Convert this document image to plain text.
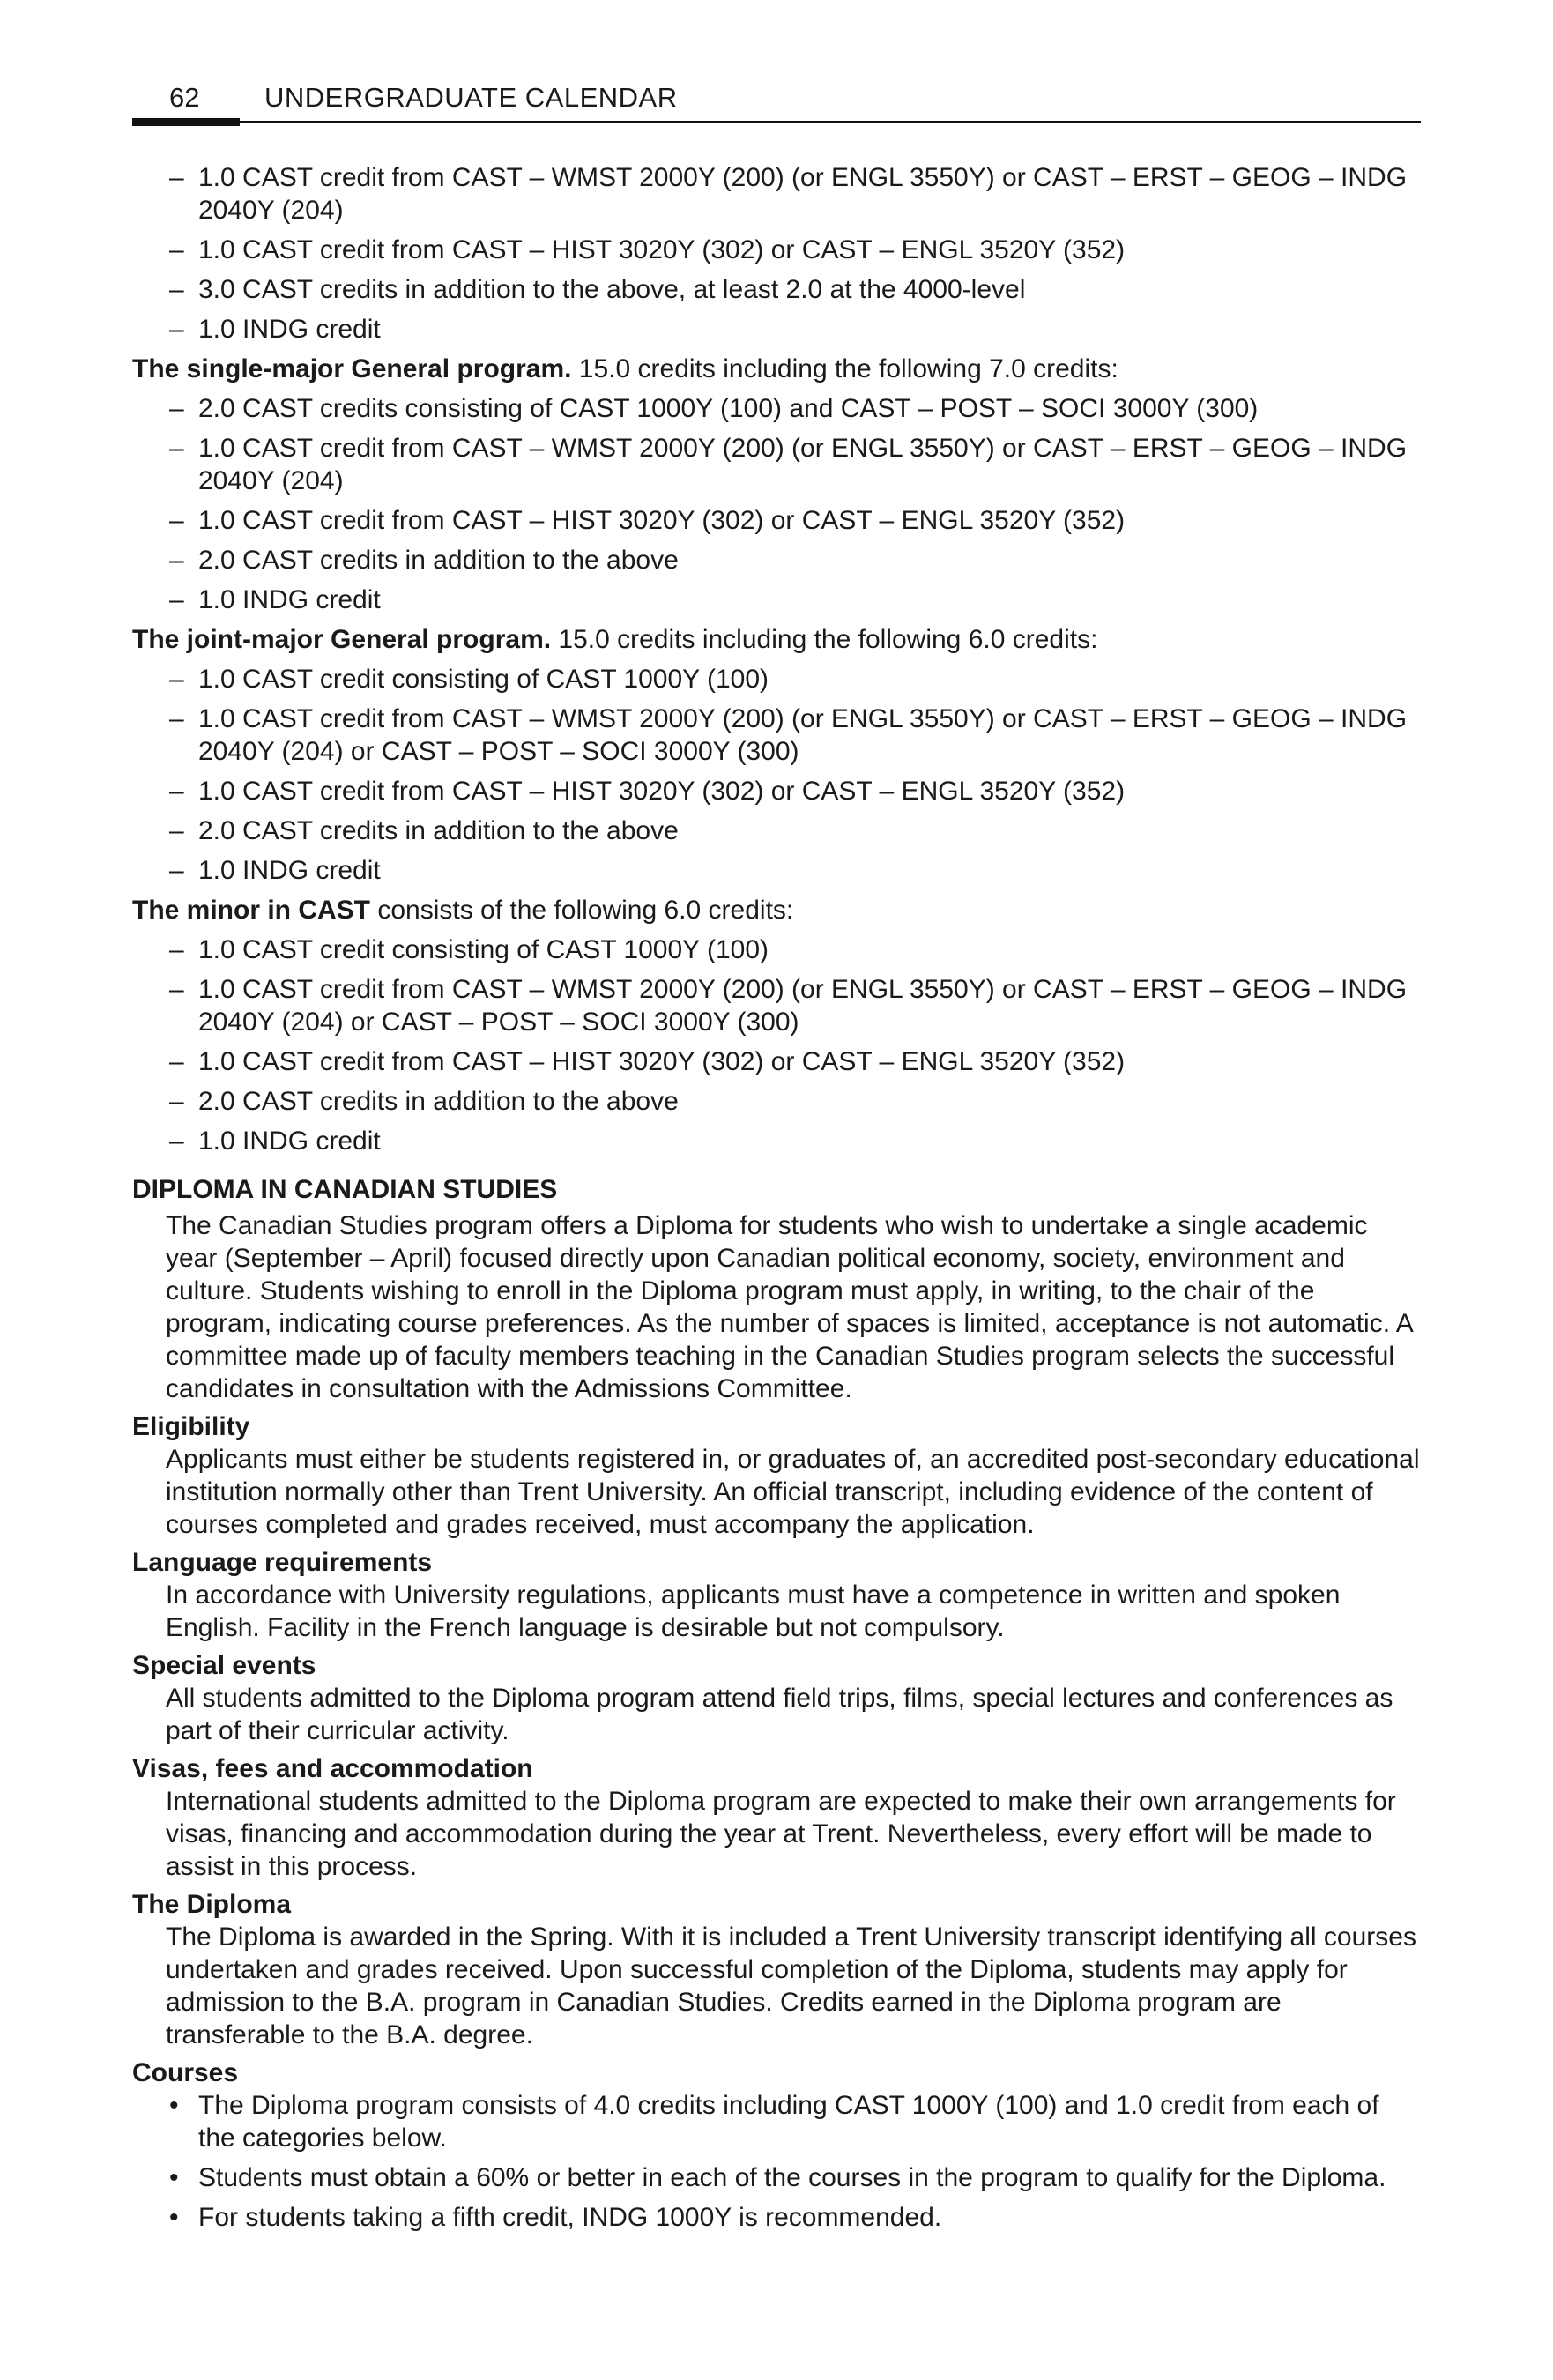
62 UNDERGRADUATE CALENDAR
– 1.0 CAST credit from CAST – WMST 2000Y (200) (or ENGL 3550Y) or CAST – ERST – GEOG – INDG 2040Y (204)
– 1.0 CAST credit from CAST – HIST 3020Y (302) or CAST – ENGL 3520Y (352)
– 3.0 CAST credits in addition to the above, at least 2.0 at the 4000-level
– 1.0 INDG credit

The single-major General program. 15.0 credits including the following 7.0 credits:

– 2.0 CAST credits consisting of CAST 1000Y (100) and CAST – POST – SOCI 3000Y (300)
– 1.0 CAST credit from CAST – WMST 2000Y (200) (or ENGL 3550Y) or CAST – ERST – GEOG – INDG 2040Y (204)
– 1.0 CAST credit from CAST – HIST 3020Y (302) or CAST – ENGL 3520Y (352)
– 2.0 CAST credits in addition to the above
– 1.0 INDG credit

The joint-major General program. 15.0 credits including the following 6.0 credits:

– 1.0 CAST credit consisting of CAST 1000Y (100)
– 1.0 CAST credit from CAST – WMST 2000Y (200) (or ENGL 3550Y) or CAST – ERST – GEOG – INDG 2040Y (204) or CAST – POST – SOCI 3000Y (300)
– 1.0 CAST credit from CAST – HIST 3020Y (302) or CAST – ENGL 3520Y (352)
– 2.0 CAST credits in addition to the above
– 1.0 INDG credit

The minor in CAST consists of the following 6.0 credits:

– 1.0 CAST credit consisting of CAST 1000Y (100)
– 1.0 CAST credit from CAST – WMST 2000Y (200) (or ENGL 3550Y) or CAST – ERST – GEOG – INDG 2040Y (204) or CAST – POST – SOCI 3000Y (300)
– 1.0 CAST credit from CAST – HIST 3020Y (302) or CAST – ENGL 3520Y (352)
– 2.0 CAST credits in addition to the above
– 1.0 INDG credit
DIPLOMA IN CANADIAN STUDIES

The Canadian Studies program offers a Diploma for students who wish to undertake a single academic year (September – April) focused directly upon Canadian political economy, society, environment and culture. Students wishing to enroll in the Diploma program must apply, in writing, to the chair of the program, indicating course preferences. As the number of spaces is limited, acceptance is not automatic. A committee made up of faculty members teaching in the Canadian Studies program selects the successful candidates in consultation with the Admissions Committee.

Eligibility

Applicants must either be students registered in, or graduates of, an accredited post-secondary educational institution normally other than Trent University. An official transcript, including evidence of the content of courses completed and grades received, must accompany the application.

Language requirements

In accordance with University regulations, applicants must have a competence in written and spoken English. Facility in the French language is desirable but not compulsory.

Special events

All students admitted to the Diploma program attend field trips, films, special lectures and conferences as part of their curricular activity.

Visas, fees and accommodation

International students admitted to the Diploma program are expected to make their own arrangements for visas, financing and accommodation during the year at Trent. Nevertheless, every effort will be made to assist in this process.

The Diploma

The Diploma is awarded in the Spring. With it is included a Trent University transcript identifying all courses undertaken and grades received. Upon successful completion of the Diploma, students may apply for admission to the B.A. program in Canadian Studies. Credits earned in the Diploma program are transferable to the B.A. degree.

Courses
• The Diploma program consists of 4.0 credits including CAST 1000Y (100) and 1.0 credit from each of the categories below.
• Students must obtain a 60% or better in each of the courses in the program to qualify for the Diploma.
• For students taking a fifth credit, INDG 1000Y is recommended.
